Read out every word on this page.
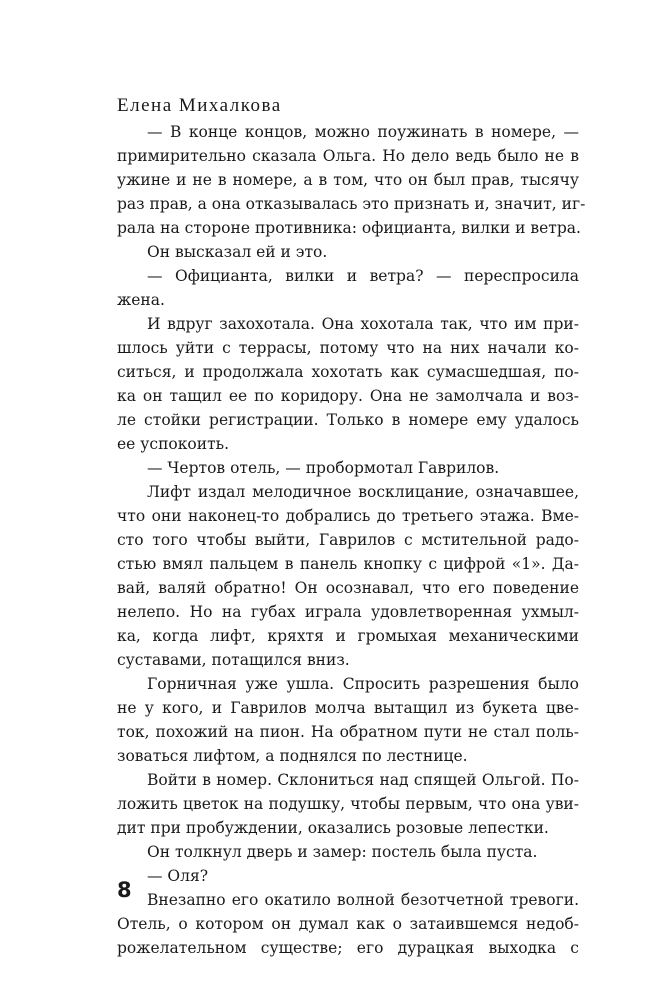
Елена Михалкова
— В конце концов, можно поужинать в номере, —
примирительно сказала Ольга. Но дело ведь было не в
ужине и не в номере, а в том, что он был прав, тысячу
раз прав, а она отказывалась это признать и, значит, иг-
рала на стороне противника: официанта, вилки и ветра.
Он высказал ей и это.
— Официанта, вилки и ветра? — переспросила
жена.
И вдруг захохотала. Она хохотала так, что им при-
шлось уйти с террасы, потому что на них начали ко-
ситься, и продолжала хохотать как сумасшедшая, по-
ка он тащил ее по коридору. Она не замолчала и воз-
ле стойки регистрации. Только в номере ему удалось
ее успокоить.
— Чертов отель, — пробормотал Гаврилов.
Лифт издал мелодичное восклицание, означавшее,
что они наконец-то добрались до третьего этажа. Вме-
сто того чтобы выйти, Гаврилов с мстительной радо-
стью вмял пальцем в панель кнопку с цифрой «1». Да-
вай, валяй обратно! Он осознавал, что его поведение
нелепо. Но на губах играла удовлетворенная ухмыл-
ка, когда лифт, кряхтя и громыхая механическими
суставами, потащился вниз.
Горничная уже ушла. Спросить разрешения было
не у кого, и Гаврилов молча вытащил из букета цве-
ток, похожий на пион. На обратном пути не стал поль-
зоваться лифтом, а поднялся по лестнице.
Войти в номер. Склониться над спящей Ольгой. По-
ложить цветок на подушку, чтобы первым, что она уви-
дит при пробуждении, оказались розовые лепестки.
Он толкнул дверь и замер: постель была пуста.
— Оля?
Внезапно его окатило волной безотчетной тревоги.
Отель, о котором он думал как о затаившемся недоб-
рожелательном существе; его дурацкая выходка с
8
